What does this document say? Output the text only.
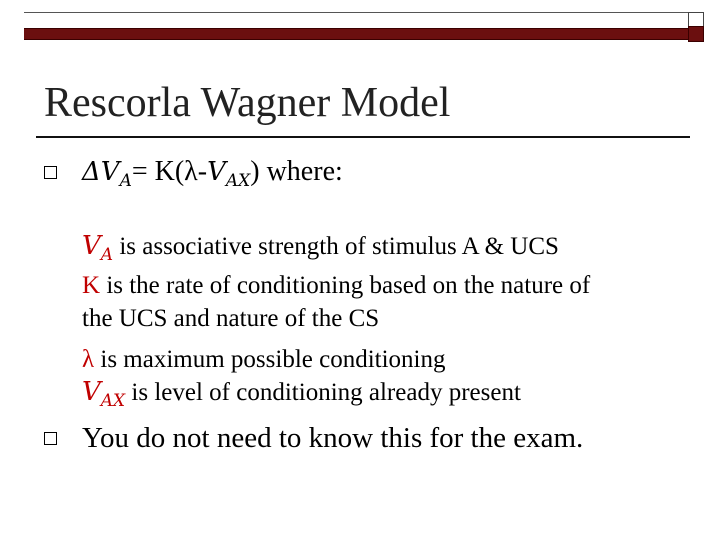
Rescorla Wagner Model
$\Delta V_A= K(\lambda-V_{AX})$ where:
$V_A$ is associative strength of stimulus A & UCS
K is the rate of conditioning based on the nature of
the UCS and nature of the CS
λ is maximum possible conditioning
$V_{AX}$ is level of conditioning already present
You do not need to know this for the exam.
